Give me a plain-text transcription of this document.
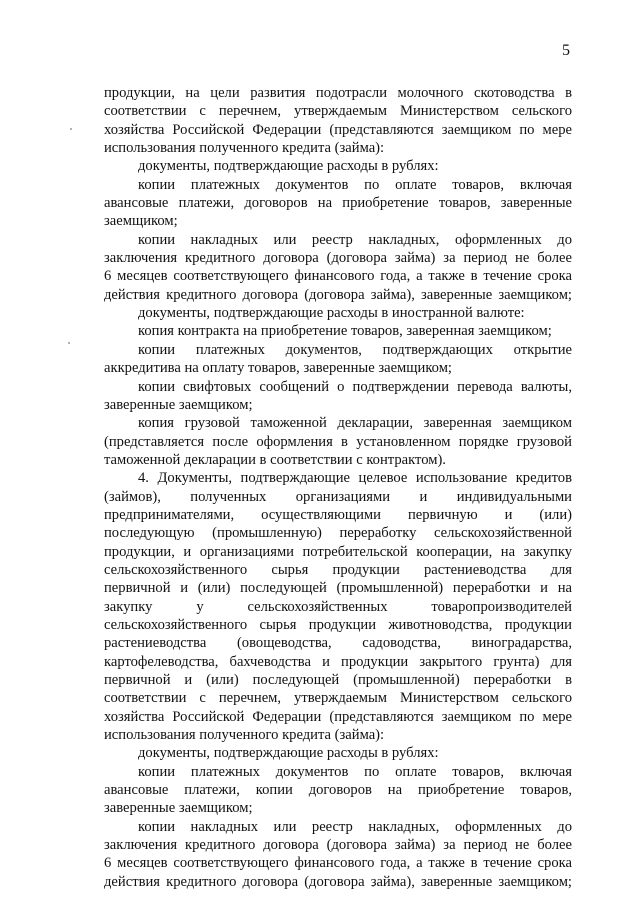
5
продукции, на цели развития подотрасли молочного скотоводства в
соответствии с перечнем, утверждаемым Министерством сельского
хозяйства Российской Федерации (представляются заемщиком по мере
использования полученного кредита (займа):
документы, подтверждающие расходы в рублях:
копии платежных документов по оплате товаров, включая
авансовые платежи, договоров на приобретение товаров, заверенные
заемщиком;
копии накладных или реестр накладных, оформленных до
заключения кредитного договора (договора займа) за период не более
6 месяцев соответствующего финансового года, а также в течение срока
действия кредитного договора (договора займа), заверенные заемщиком;
документы, подтверждающие расходы в иностранной валюте:
копия контракта на приобретение товаров, заверенная заемщиком;
копии платежных документов, подтверждающих открытие
аккредитива на оплату товаров, заверенные заемщиком;
копии свифтовых сообщений о подтверждении перевода валюты,
заверенные заемщиком;
копия грузовой таможенной декларации, заверенная заемщиком
(представляется после оформления в установленном порядке грузовой
таможенной декларации в соответствии с контрактом).
4. Документы, подтверждающие целевое использование кредитов
(займов), полученных организациями и индивидуальными
предпринимателями, осуществляющими первичную и (или)
последующую (промышленную) переработку сельскохозяйственной
продукции, и организациями потребительской кооперации, на закупку
сельскохозяйственного сырья продукции растениеводства для
первичной и (или) последующей (промышленной) переработки и на
закупку у сельскохозяйственных товаропроизводителей
сельскохозяйственного сырья продукции животноводства, продукции
растениеводства (овощеводства, садоводства, виноградарства,
картофелеводства, бахчеводства и продукции закрытого грунта) для
первичной и (или) последующей (промышленной) переработки в
соответствии с перечнем, утверждаемым Министерством сельского
хозяйства Российской Федерации (представляются заемщиком по мере
использования полученного кредита (займа):
документы, подтверждающие расходы в рублях:
копии платежных документов по оплате товаров, включая
авансовые платежи, копии договоров на приобретение товаров,
заверенные заемщиком;
копии накладных или реестр накладных, оформленных до
заключения кредитного договора (договора займа) за период не более
6 месяцев соответствующего финансового года, а также в течение срока
действия кредитного договора (договора займа), заверенные заемщиком;
